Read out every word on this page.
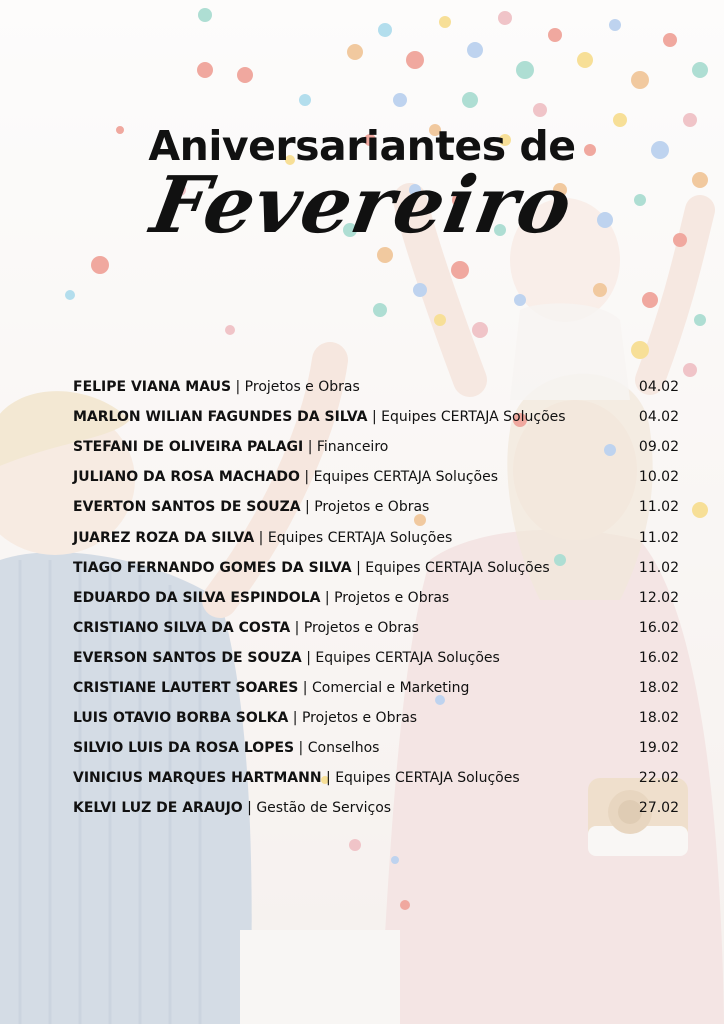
Aniversariantes de
Fevereiro
FELIPE VIANA MAUS | Projetos e Obras	04.02
MARLON WILIAN FAGUNDES DA SILVA | Equipes CERTAJA Soluções	04.02
STEFANI DE OLIVEIRA PALAGI | Financeiro	09.02
JULIANO DA ROSA MACHADO | Equipes CERTAJA Soluções	10.02
EVERTON SANTOS DE SOUZA | Projetos e Obras	11.02
JUAREZ ROZA DA SILVA | Equipes CERTAJA Soluções	11.02
TIAGO FERNANDO GOMES DA SILVA | Equipes CERTAJA Soluções	11.02
EDUARDO DA SILVA ESPINDOLA | Projetos e Obras	12.02
CRISTIANO SILVA DA COSTA | Projetos e Obras	16.02
EVERSON SANTOS DE SOUZA | Equipes CERTAJA Soluções	16.02
CRISTIANE LAUTERT SOARES | Comercial e Marketing	18.02
LUIS OTAVIO BORBA SOLKA | Projetos e Obras	18.02
SILVIO LUIS DA ROSA LOPES | Conselhos	19.02
VINICIUS MARQUES HARTMANN | Equipes CERTAJA Soluções	22.02
KELVI LUZ DE ARAUJO | Gestão de Serviços	27.02
